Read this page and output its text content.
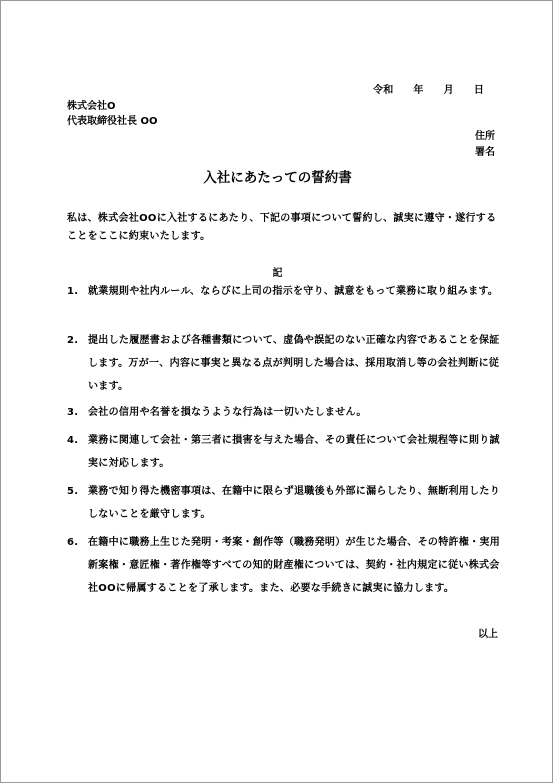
令和 年 月 日
株式会社O
代表取締役社長 OO
住所
署名
入社にあたっての誓約書
私は、株式会社OOに入社するにあたり、下記の事項について誓約し、誠実に遵守・遂行することをここに約束いたします。
記
1. 就業規則や社内ルール、ならびに上司の指示を守り、誠意をもって業務に取り組みます。
2. 提出した履歴書および各種書類について、虚偽や誤記のない正確な内容であることを保証します。万が一、内容に事実と異なる点が判明した場合は、採用取消し等の会社判断に従います。
3. 会社の信用や名誉を損なうような行為は一切いたしません。
4. 業務に関連して会社・第三者に損害を与えた場合、その責任について会社規程等に則り誠実に対応します。
5. 業務で知り得た機密事項は、在籍中に限らず退職後も外部に漏らしたり、無断利用したりしないことを厳守します。
6. 在籍中に職務上生じた発明・考案・創作等（職務発明）が生じた場合、その特許権・実用新案権・意匠権・著作権等すべての知的財産権については、契約・社内規定に従い株式会社OOに帰属することを了承します。また、必要な手続きに誠実に協力します。
以上
